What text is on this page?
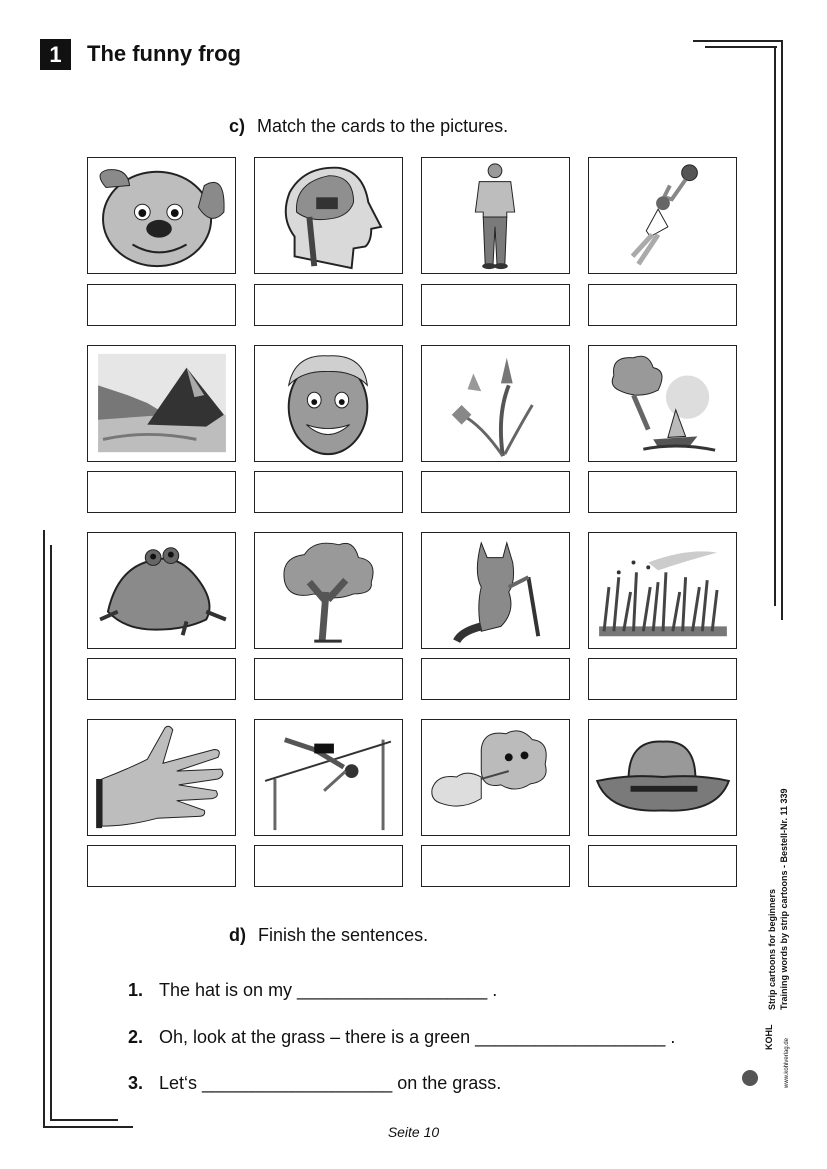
1	The funny frog
c) Match the cards to the pictures.
d) Finish the sentences.
1. The hat is on my ___________________ .
2. Oh, look at the grass – there is a green ___________________ .
3. Let‘s ___________________ on the grass.
Seite 10
Strip cartoons for beginners Training words by strip cartoons - Bestell-Nr. 11 339
KOHL
www.kohlverlag.de
